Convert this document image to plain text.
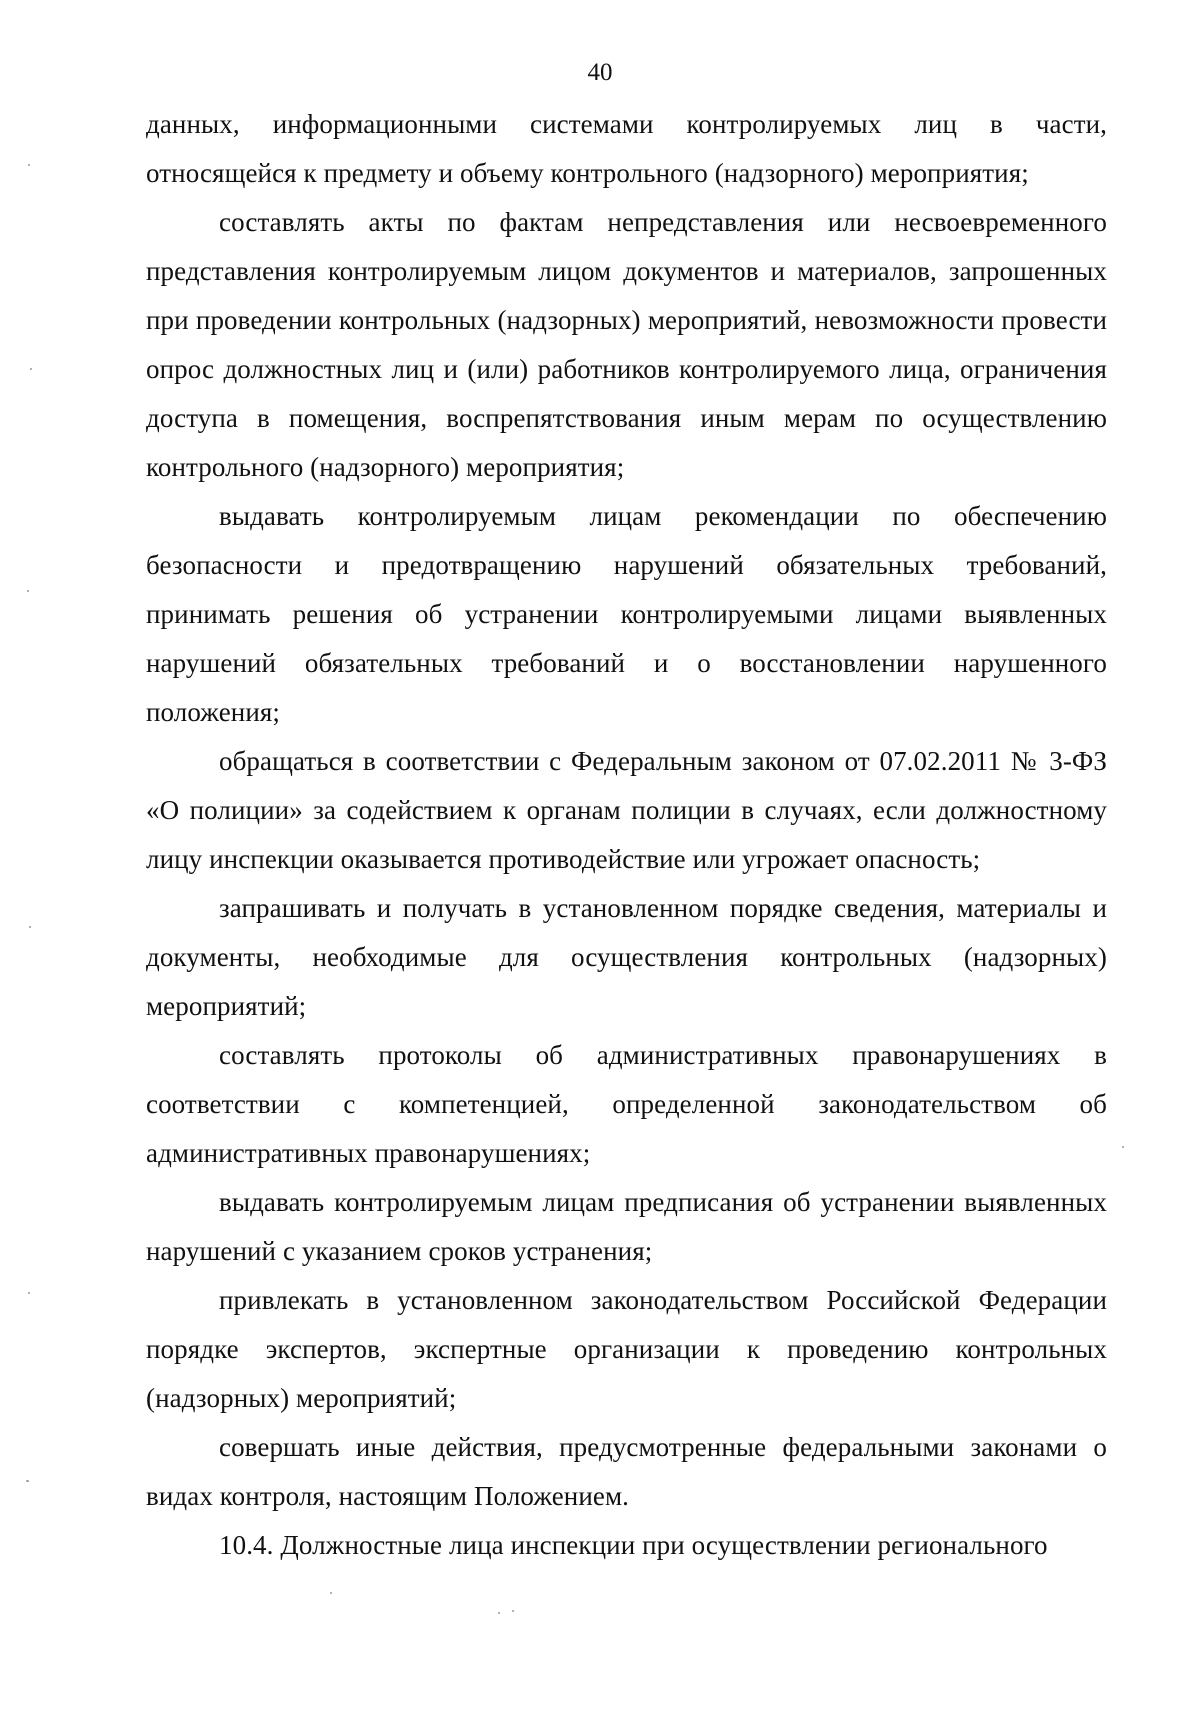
40

данных, информационными системами контролируемых лиц в части, относящейся к предмету и объему контрольного (надзорного) мероприятия;

составлять акты по фактам непредставления или несвоевременного представления контролируемым лицом документов и материалов, запрошенных при проведении контрольных (надзорных) мероприятий, невозможности провести опрос должностных лиц и (или) работников контролируемого лица, ограничения доступа в помещения, воспрепятствования иным мерам по осуществлению контрольного (надзорного) мероприятия;

выдавать контролируемым лицам рекомендации по обеспечению безопасности и предотвращению нарушений обязательных требований, принимать решения об устранении контролируемыми лицами выявленных нарушений обязательных требований и о восстановлении нарушенного положения;

обращаться в соответствии с Федеральным законом от 07.02.2011 № 3-ФЗ «О полиции» за содействием к органам полиции в случаях, если должностному лицу инспекции оказывается противодействие или угрожает опасность;

запрашивать и получать в установленном порядке сведения, материалы и документы, необходимые для осуществления контрольных (надзорных) мероприятий;

составлять протоколы об административных правонарушениях в соответствии с компетенцией, определенной законодательством об административных правонарушениях;

выдавать контролируемым лицам предписания об устранении выявленных нарушений с указанием сроков устранения;

привлекать в установленном законодательством Российской Федерации порядке экспертов, экспертные организации к проведению контрольных (надзорных) мероприятий;

совершать иные действия, предусмотренные федеральными законами о видах контроля, настоящим Положением.

10.4. Должностные лица инспекции при осуществлении регионального
